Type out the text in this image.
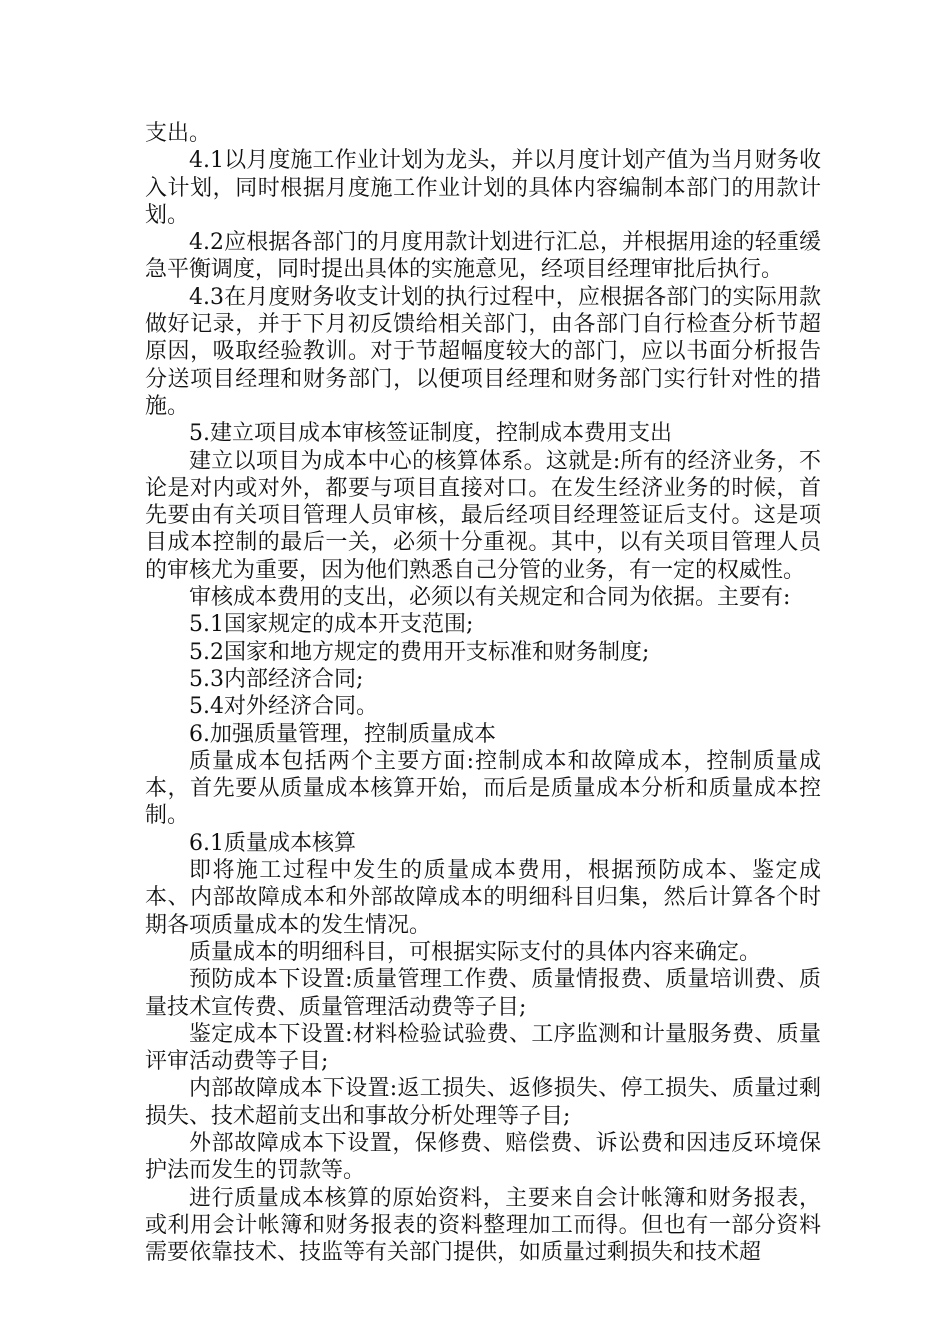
支出。

4.1以月度施工作业计划为龙头，并以月度计划产值为当月财务收入计划，同时根据月度施工作业计划的具体内容编制本部门的用款计划。

4.2应根据各部门的月度用款计划进行汇总，并根据用途的轻重缓急平衡调度，同时提出具体的实施意见，经项目经理审批后执行。

4.3在月度财务收支计划的执行过程中，应根据各部门的实际用款做好记录，并于下月初反馈给相关部门，由各部门自行检查分析节超原因，吸取经验教训。对于节超幅度较大的部门，应以书面分析报告分送项目经理和财务部门，以便项目经理和财务部门实行针对性的措施。

5.建立项目成本审核签证制度，控制成本费用支出

建立以项目为成本中心的核算体系。这就是:所有的经济业务，不论是对内或对外，都要与项目直接对口。在发生经济业务的时候，首先要由有关项目管理人员审核，最后经项目经理签证后支付。这是项目成本控制的最后一关，必须十分重视。其中，以有关项目管理人员的审核尤为重要，因为他们熟悉自己分管的业务，有一定的权威性。

审核成本费用的支出，必须以有关规定和合同为依据。主要有:

5.1国家规定的成本开支范围;

5.2国家和地方规定的费用开支标准和财务制度;

5.3内部经济合同;

5.4对外经济合同。

6.加强质量管理，控制质量成本

质量成本包括两个主要方面:控制成本和故障成本，控制质量成本，首先要从质量成本核算开始，而后是质量成本分析和质量成本控制。

6.1质量成本核算

即将施工过程中发生的质量成本费用，根据预防成本、鉴定成本、内部故障成本和外部故障成本的明细科目归集，然后计算各个时期各项质量成本的发生情况。

质量成本的明细科目，可根据实际支付的具体内容来确定。

预防成本下设置:质量管理工作费、质量情报费、质量培训费、质量技术宣传费、质量管理活动费等子目;

鉴定成本下设置:材料检验试验费、工序监测和计量服务费、质量评审活动费等子目;

内部故障成本下设置:返工损失、返修损失、停工损失、质量过剩损失、技术超前支出和事故分析处理等子目;

外部故障成本下设置，保修费、赔偿费、诉讼费和因违反环境保护法而发生的罚款等。

进行质量成本核算的原始资料，主要来自会计帐簿和财务报表，或利用会计帐簿和财务报表的资料整理加工而得。但也有一部分资料需要依靠技术、技监等有关部门提供，如质量过剩损失和技术超
